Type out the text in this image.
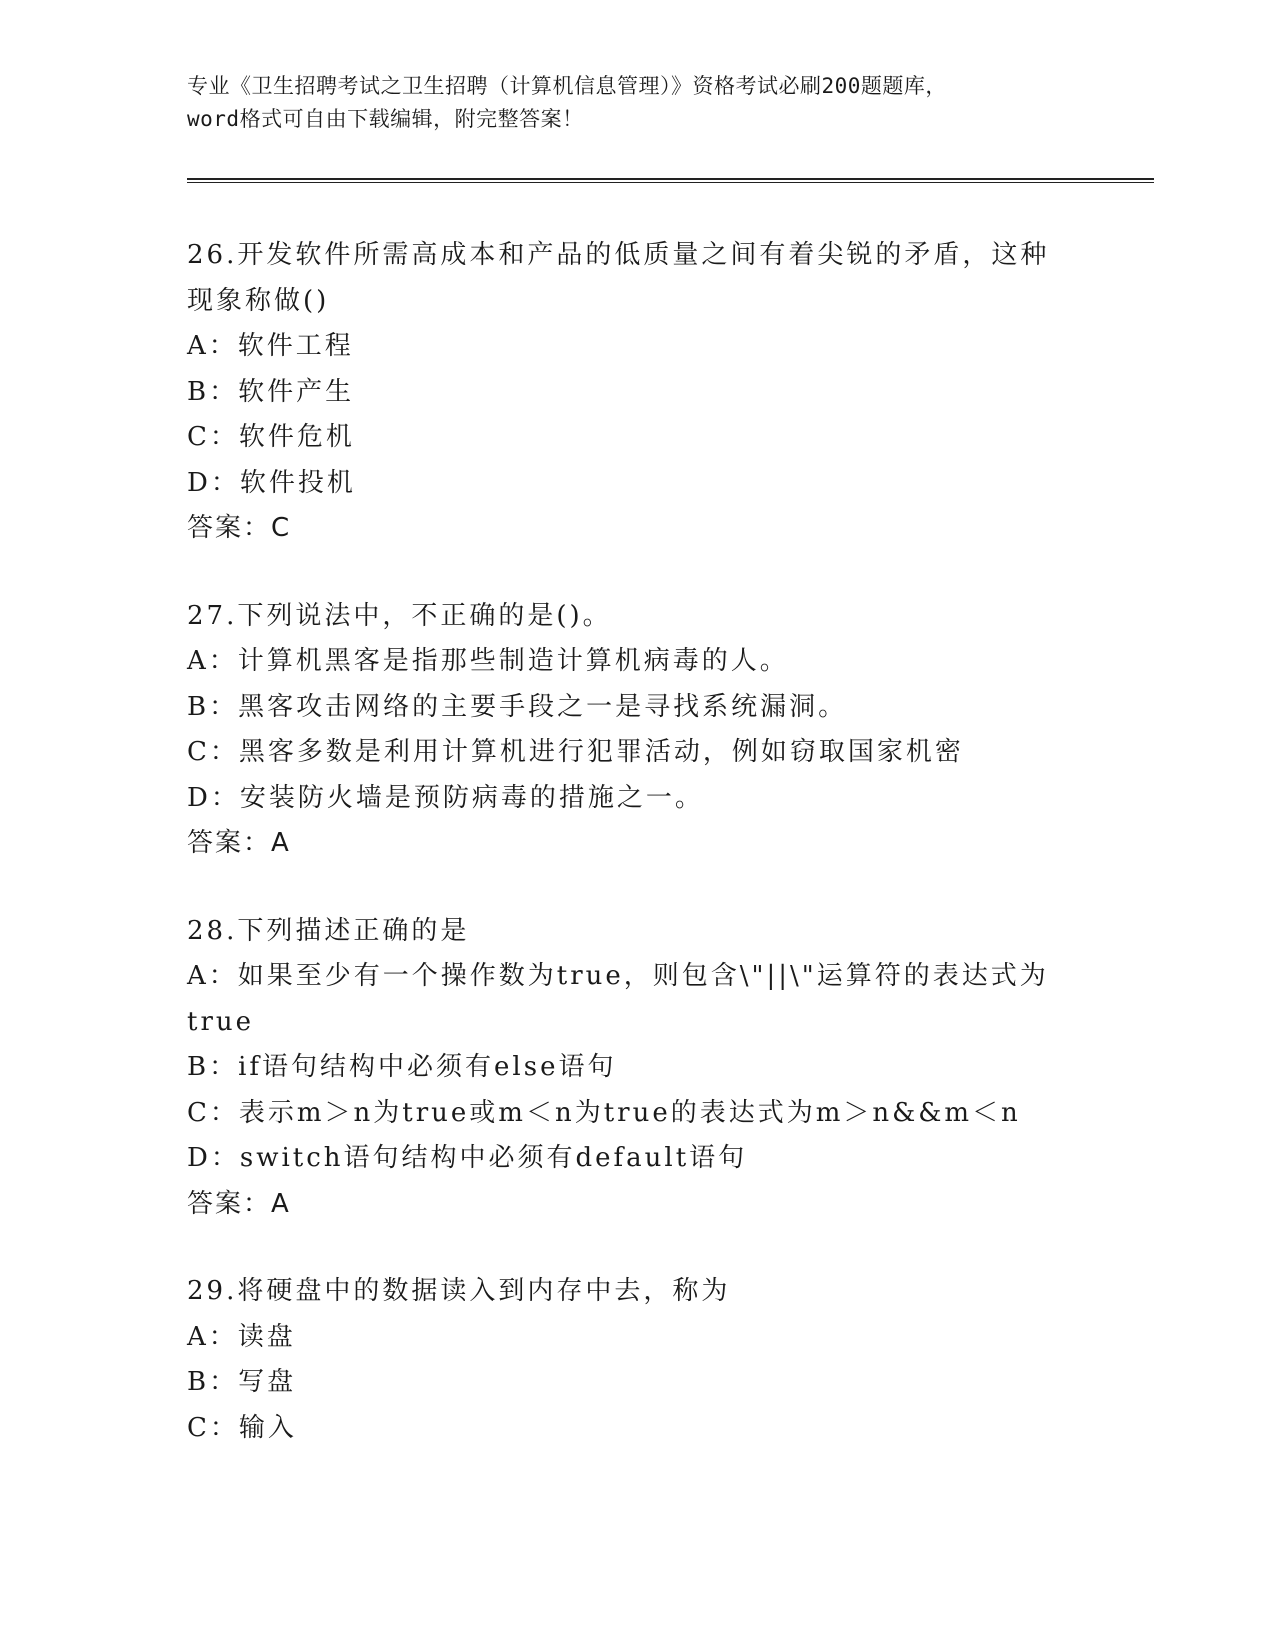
专业《卫生招聘考试之卫生招聘（计算机信息管理）》资格考试必刷200题题库，
word格式可自由下载编辑，附完整答案！
26.开发软件所需高成本和产品的低质量之间有着尖锐的矛盾，这种现象称做()
A：软件工程
B：软件产生
C：软件危机
D：软件投机
答案：C
27.下列说法中，不正确的是()。
A：计算机黑客是指那些制造计算机病毒的人。
B：黑客攻击网络的主要手段之一是寻找系统漏洞。
C：黑客多数是利用计算机进行犯罪活动，例如窃取国家机密
D：安装防火墙是预防病毒的措施之一。
答案：A
28.下列描述正确的是
A：如果至少有一个操作数为true，则包含\"||\"运算符的表达式为true
B：if语句结构中必须有else语句
C：表示m＞n为true或m＜n为true的表达式为m＞n&&m＜n
D：switch语句结构中必须有default语句
答案：A
29.将硬盘中的数据读入到内存中去，称为
A：读盘
B：写盘
C：输入
